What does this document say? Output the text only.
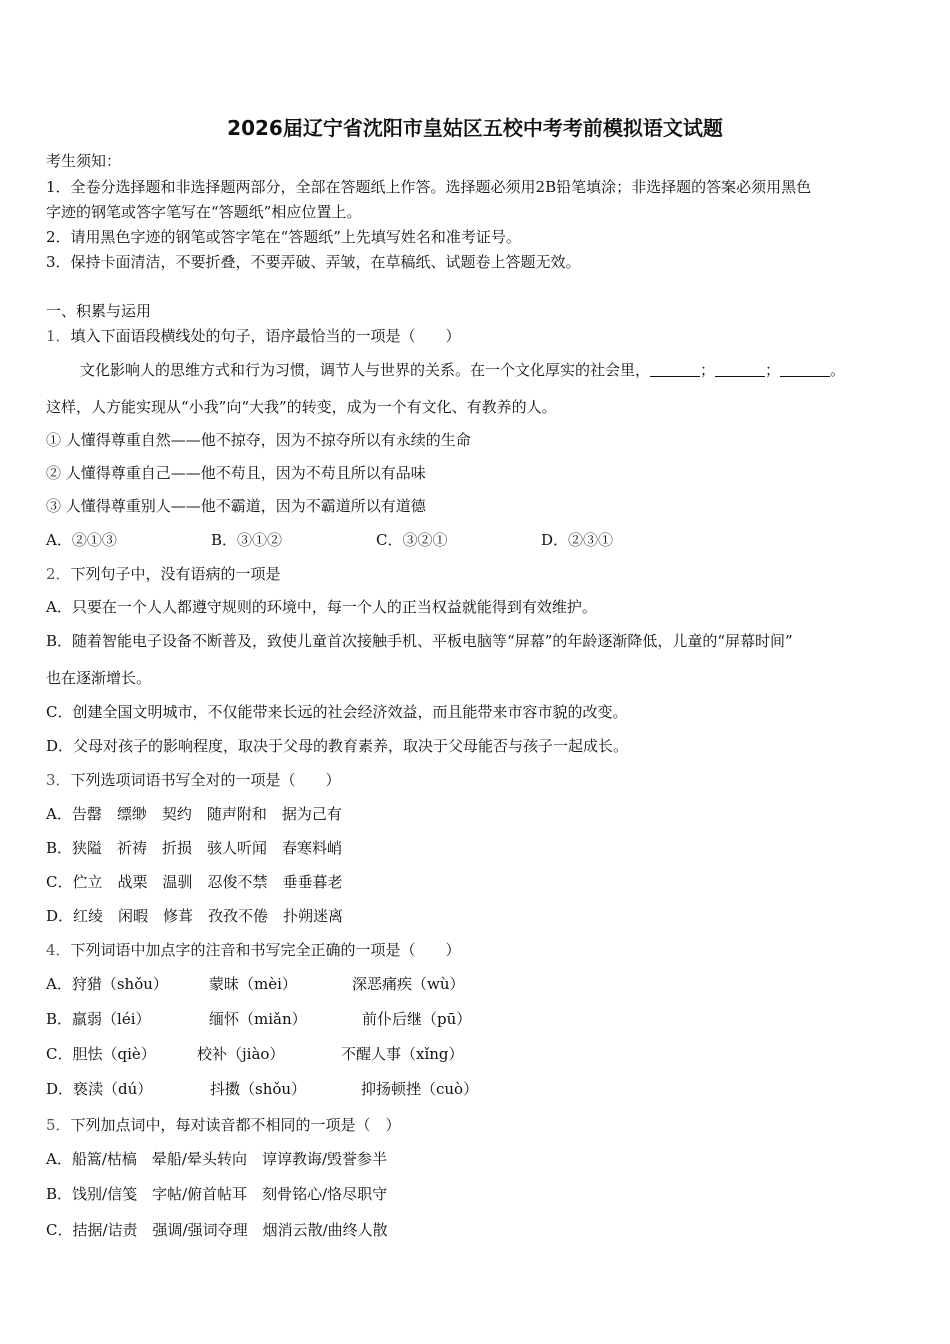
2026届辽宁省沈阳市皇姑区五校中考考前模拟语文试题
考生须知：
1．全卷分选择题和非选择题两部分，全部在答题纸上作答。选择题必须用2B铅笔填涂；非选择题的答案必须用黑色
字迹的钢笔或答字笔写在“答题纸”相应位置上。
2．请用黑色字迹的钢笔或答字笔在“答题纸”上先填写姓名和准考证号。
3．保持卡面清洁，不要折叠，不要弄破、弄皱，在草稿纸、试题卷上答题无效。
一、积累与运用
1．填入下面语段横线处的句子，语序最恰当的一项是（　　）
文化影响人的思维方式和行为习惯，调节人与世界的关系。在一个文化厚实的社会里，	；	；	。
这样，人方能实现从“小我”向“大我”的转变，成为一个有文化、有教养的人。
① 人懂得尊重自然——他不掠夺，因为不掠夺所以有永续的生命
② 人懂得尊重自己——他不苟且，因为不苟且所以有品味
③ 人懂得尊重别人——他不霸道，因为不霸道所以有道德
A．②①③	B．③①②	C．③②①	D．②③①
2．下列句子中，没有语病的一项是
A．只要在一个人人都遵守规则的环境中，每一个人的正当权益就能得到有效维护。
B．随着智能电子设备不断普及，致使儿童首次接触手机、平板电脑等“屏幕”的年龄逐渐降低，儿童的“屏幕时间”
也在逐渐增长。
C．创建全国文明城市，不仅能带来长远的社会经济效益，而且能带来市容市貌的改变。
D．父母对孩子的影响程度，取决于父母的教育素养，取决于父母能否与孩子一起成长。
3．下列选项词语书写全对的一项是（　　）
A．告罄　缥缈　契约　随声附和　据为己有
B．狭隘　祈祷　折损　骇人听闻　春寒料峭
C．伫立　战栗　温驯　忍俊不禁　垂垂暮老
D．红绫　闲暇　修葺　孜孜不倦　扑朔迷离
4．下列词语中加点字的注音和书写完全正确的一项是（　　）
A．狩猎（shǒu）	蒙昧（mèi）	深恶痛疾（wù）
B．羸弱（léi）	缅怀（miǎn）	前仆后继（pū）
C．胆怯（qiè）	校补（jiào）	不醒人事（xǐng）
D．亵渎（dú）	抖擞（shǒu）	抑扬顿挫（cuò）
5．下列加点词中，每对读音都不相同的一项是（　）
A．船篙/枯槁　晕船/晕头转向　谆谆教诲/毁誉参半
B．饯别/信笺　字帖/俯首帖耳　刻骨铭心/恪尽职守
C．拮据/诘责　强调/强词夺理　烟消云散/曲终人散
